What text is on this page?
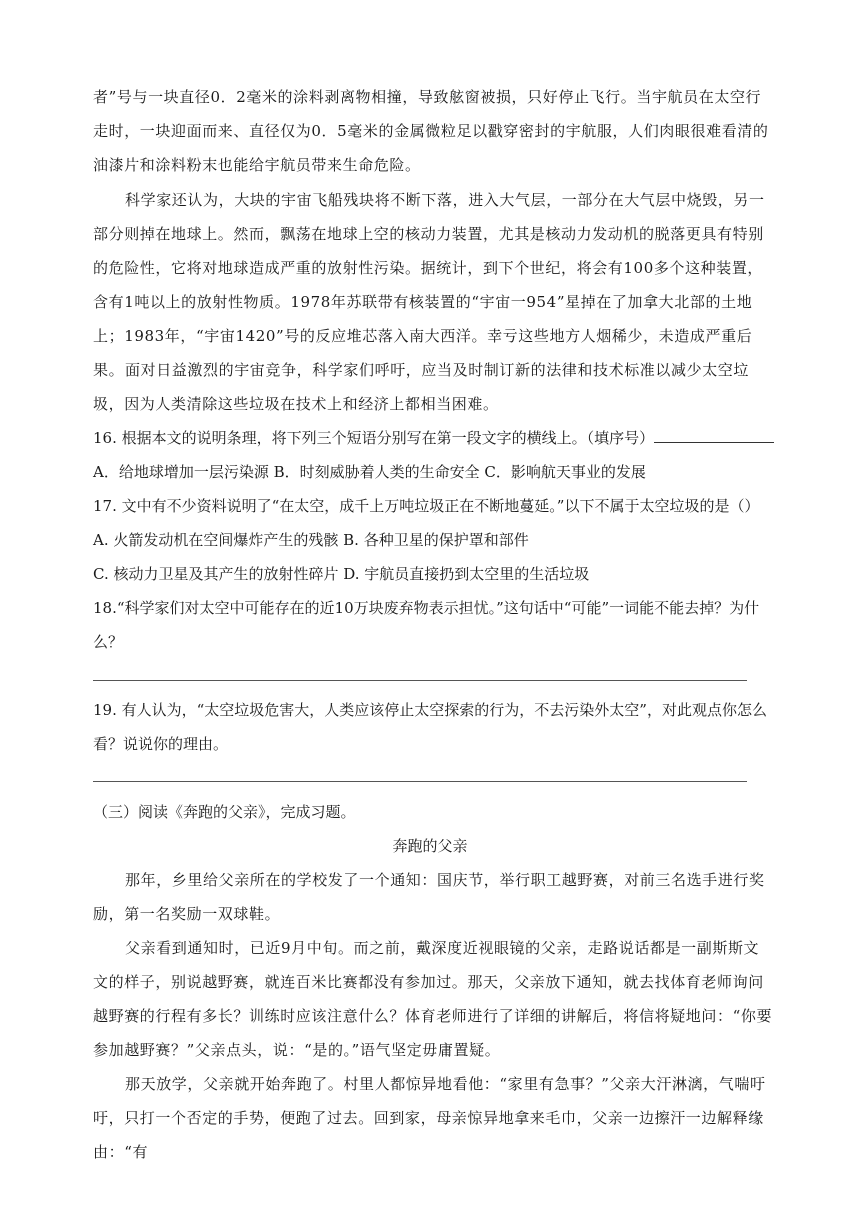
者”号与一块直径0．2毫米的涂料剥离物相撞，导致舷窗被损，只好停止飞行。当宇航员在太空行走时，一块迎面而来、直径仅为0．5毫米的金属微粒足以戳穿密封的宇航服，人们肉眼很难看清的油漆片和涂料粉末也能给宇航员带来生命危险。

科学家还认为，大块的宇宙飞船残块将不断下落，进入大气层，一部分在大气层中烧毁，另一部分则掉在地球上。然而，飘荡在地球上空的核动力装置，尤其是核动力发动机的脱落更具有特别的危险性，它将对地球造成严重的放射性污染。据统计，到下个世纪，将会有100多个这种装置，含有1吨以上的放射性物质。1978年苏联带有核装置的“宇宙一954”星掉在了加拿大北部的土地上；1983年，“宇宙1420”号的反应堆芯落入南大西洋。幸亏这些地方人烟稀少，未造成严重后果。 面对日益激烈的宇宙竞争，科学家们呼吁，应当及时制订新的法律和技术标准以减少太空垃圾，因为人类清除这些垃圾在技术上和经济上都相当困难。

16. 根据本文的说明条理，将下列三个短语分别写在第一段文字的横线上。（填序号）

A．给地球增加一层污染源 B．时刻威胁着人类的生命安全 C．影响航天事业的发展

17. 文中有不少资料说明了“在太空，成千上万吨垃圾正在不断地蔓延。”以下不属于太空垃圾的是（）

A. 火箭发动机在空间爆炸产生的残骸 B. 各种卫星的保护罩和部件

C. 核动力卫星及其产生的放射性碎片 D. 宇航员直接扔到太空里的生活垃圾

18.“科学家们对太空中可能存在的近10万块废弃物表示担忧。”这句话中“可能”一词能不能去掉？为什么？

19. 有人认为，“太空垃圾危害大，人类应该停止太空探索的行为，不去污染外太空”，对此观点你怎么看？说说你的理由。

（三）阅读《奔跑的父亲》，完成习题。

奔跑的父亲

那年，乡里给父亲所在的学校发了一个通知：国庆节，举行职工越野赛，对前三名选手进行奖励，第一名奖励一双球鞋。

父亲看到通知时，已近9月中旬。而之前，戴深度近视眼镜的父亲，走路说话都是一副斯斯文文的样子，别说越野赛，就连百米比赛都没有参加过。那天，父亲放下通知，就去找体育老师询问越野赛的行程有多长？训练时应该注意什么？体育老师进行了详细的讲解后，将信将疑地问：“你要参加越野赛？”父亲点头，说：“是的。”语气坚定毋庸置疑。

那天放学，父亲就开始奔跑了。村里人都惊异地看他：“家里有急事？”父亲大汗淋漓，气喘吁吁，只打一个否定的手势，便跑了过去。回到家，母亲惊异地拿来毛巾，父亲一边擦汗一边解释缘由：“有
